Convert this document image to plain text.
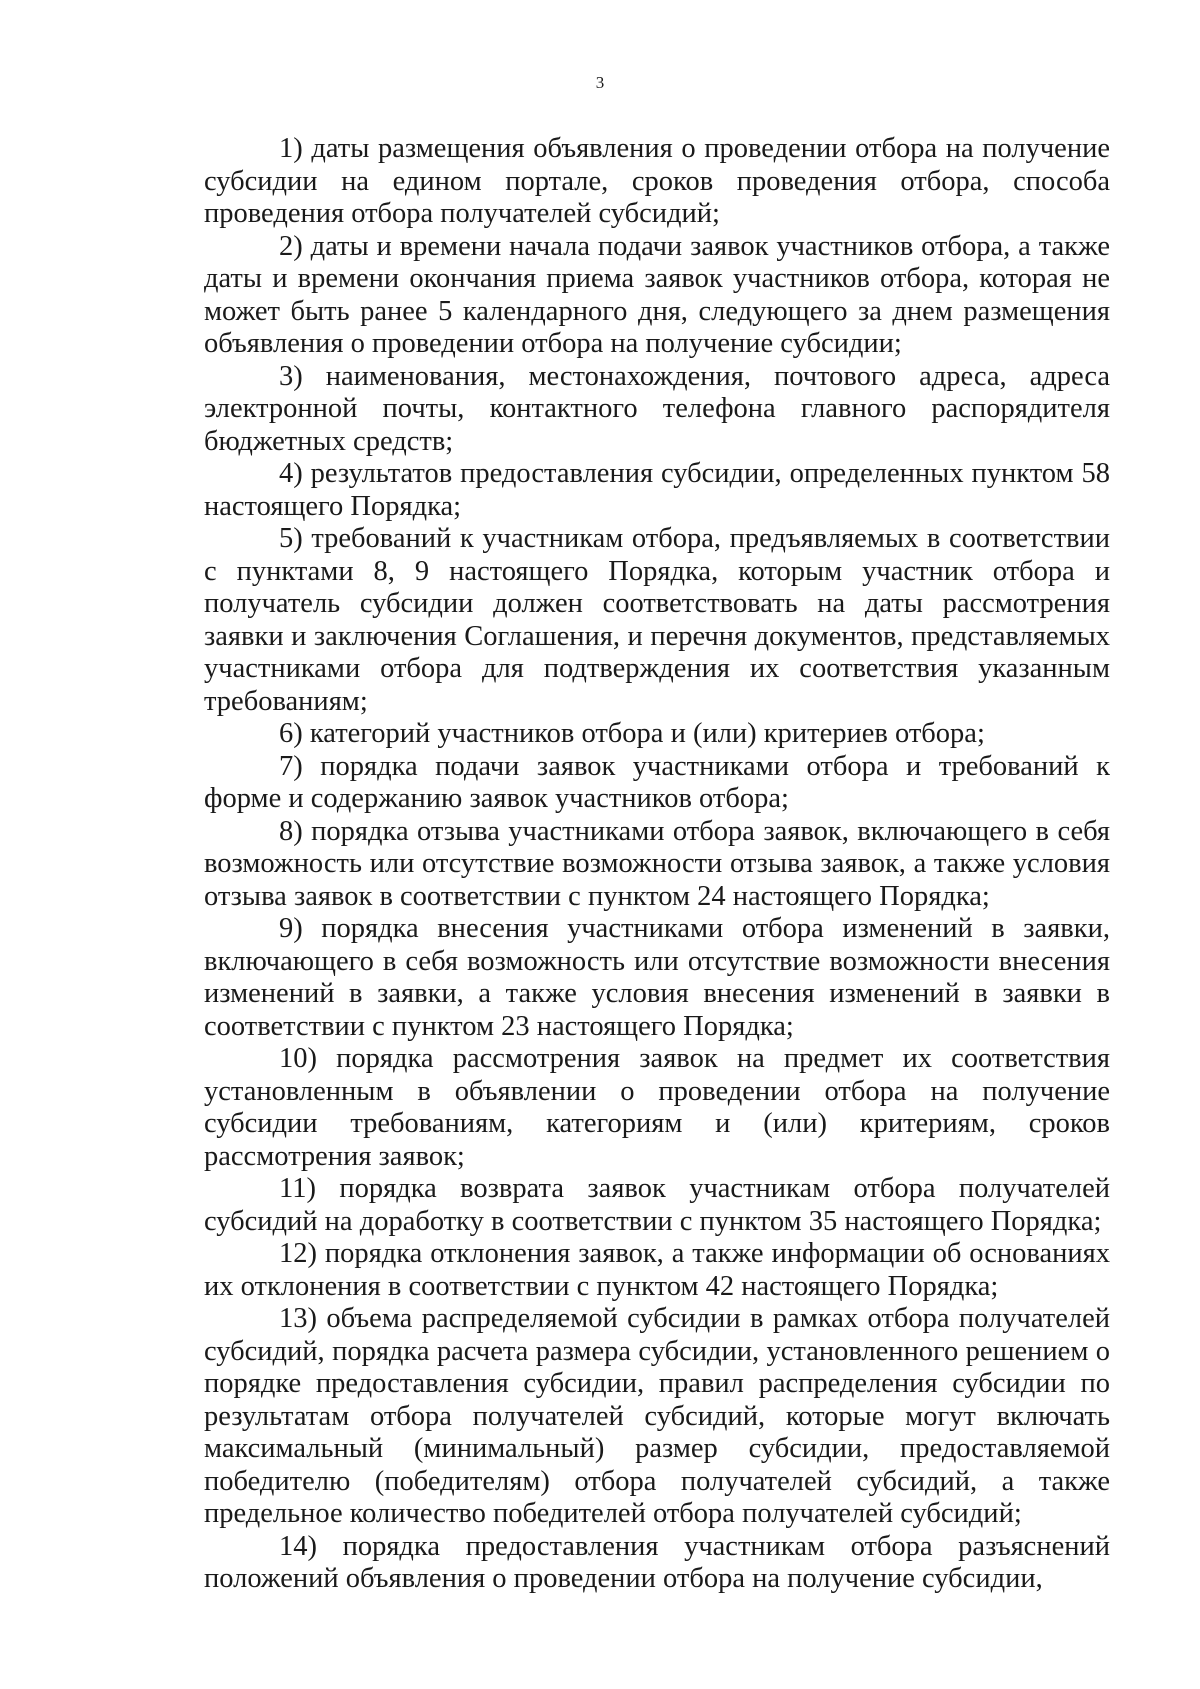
3

1) даты размещения объявления о проведении отбора на получение субсидии на едином портале, сроков проведения отбора, способа проведения отбора получателей субсидий;

2) даты и времени начала подачи заявок участников отбора, а также даты и времени окончания приема заявок участников отбора, которая не может быть ранее 5 календарного дня, следующего за днем размещения объявления о проведении отбора на получение субсидии;

3) наименования, местонахождения, почтового адреса, адреса электронной почты, контактного телефона главного распорядителя бюджетных средств;

4) результатов предоставления субсидии, определенных пунктом 58 настоящего Порядка;

5) требований к участникам отбора, предъявляемых в соответствии с пунктами 8, 9 настоящего Порядка, которым участник отбора и получатель субсидии должен соответствовать на даты рассмотрения заявки и заключения Соглашения, и перечня документов, представляемых участниками отбора для подтверждения их соответствия указанным требованиям;

6) категорий участников отбора и (или) критериев отбора;

7) порядка подачи заявок участниками отбора и требований к форме и содержанию заявок участников отбора;

8) порядка отзыва участниками отбора заявок, включающего в себя возможность или отсутствие возможности отзыва заявок, а также условия отзыва заявок в соответствии с пунктом 24 настоящего Порядка;

9) порядка внесения участниками отбора изменений в заявки, включающего в себя возможность или отсутствие возможности внесения изменений в заявки, а также условия внесения изменений в заявки в соответствии с пунктом 23 настоящего Порядка;

10) порядка рассмотрения заявок на предмет их соответствия установленным в объявлении о проведении отбора на получение субсидии требованиям, категориям и (или) критериям, сроков рассмотрения заявок;

11) порядка возврата заявок участникам отбора получателей субсидий на доработку в соответствии с пунктом 35 настоящего Порядка;

12) порядка отклонения заявок, а также информации об основаниях их отклонения в соответствии с пунктом 42 настоящего Порядка;

13) объема распределяемой субсидии в рамках отбора получателей субсидий, порядка расчета размера субсидии, установленного решением о порядке предоставления субсидии, правил распределения субсидии по результатам отбора получателей субсидий, которые могут включать максимальный (минимальный) размер субсидии, предоставляемой победителю (победителям) отбора получателей субсидий, а также предельное количество победителей отбора получателей субсидий;

14) порядка предоставления участникам отбора разъяснений положений объявления о проведении отбора на получение субсидии,
